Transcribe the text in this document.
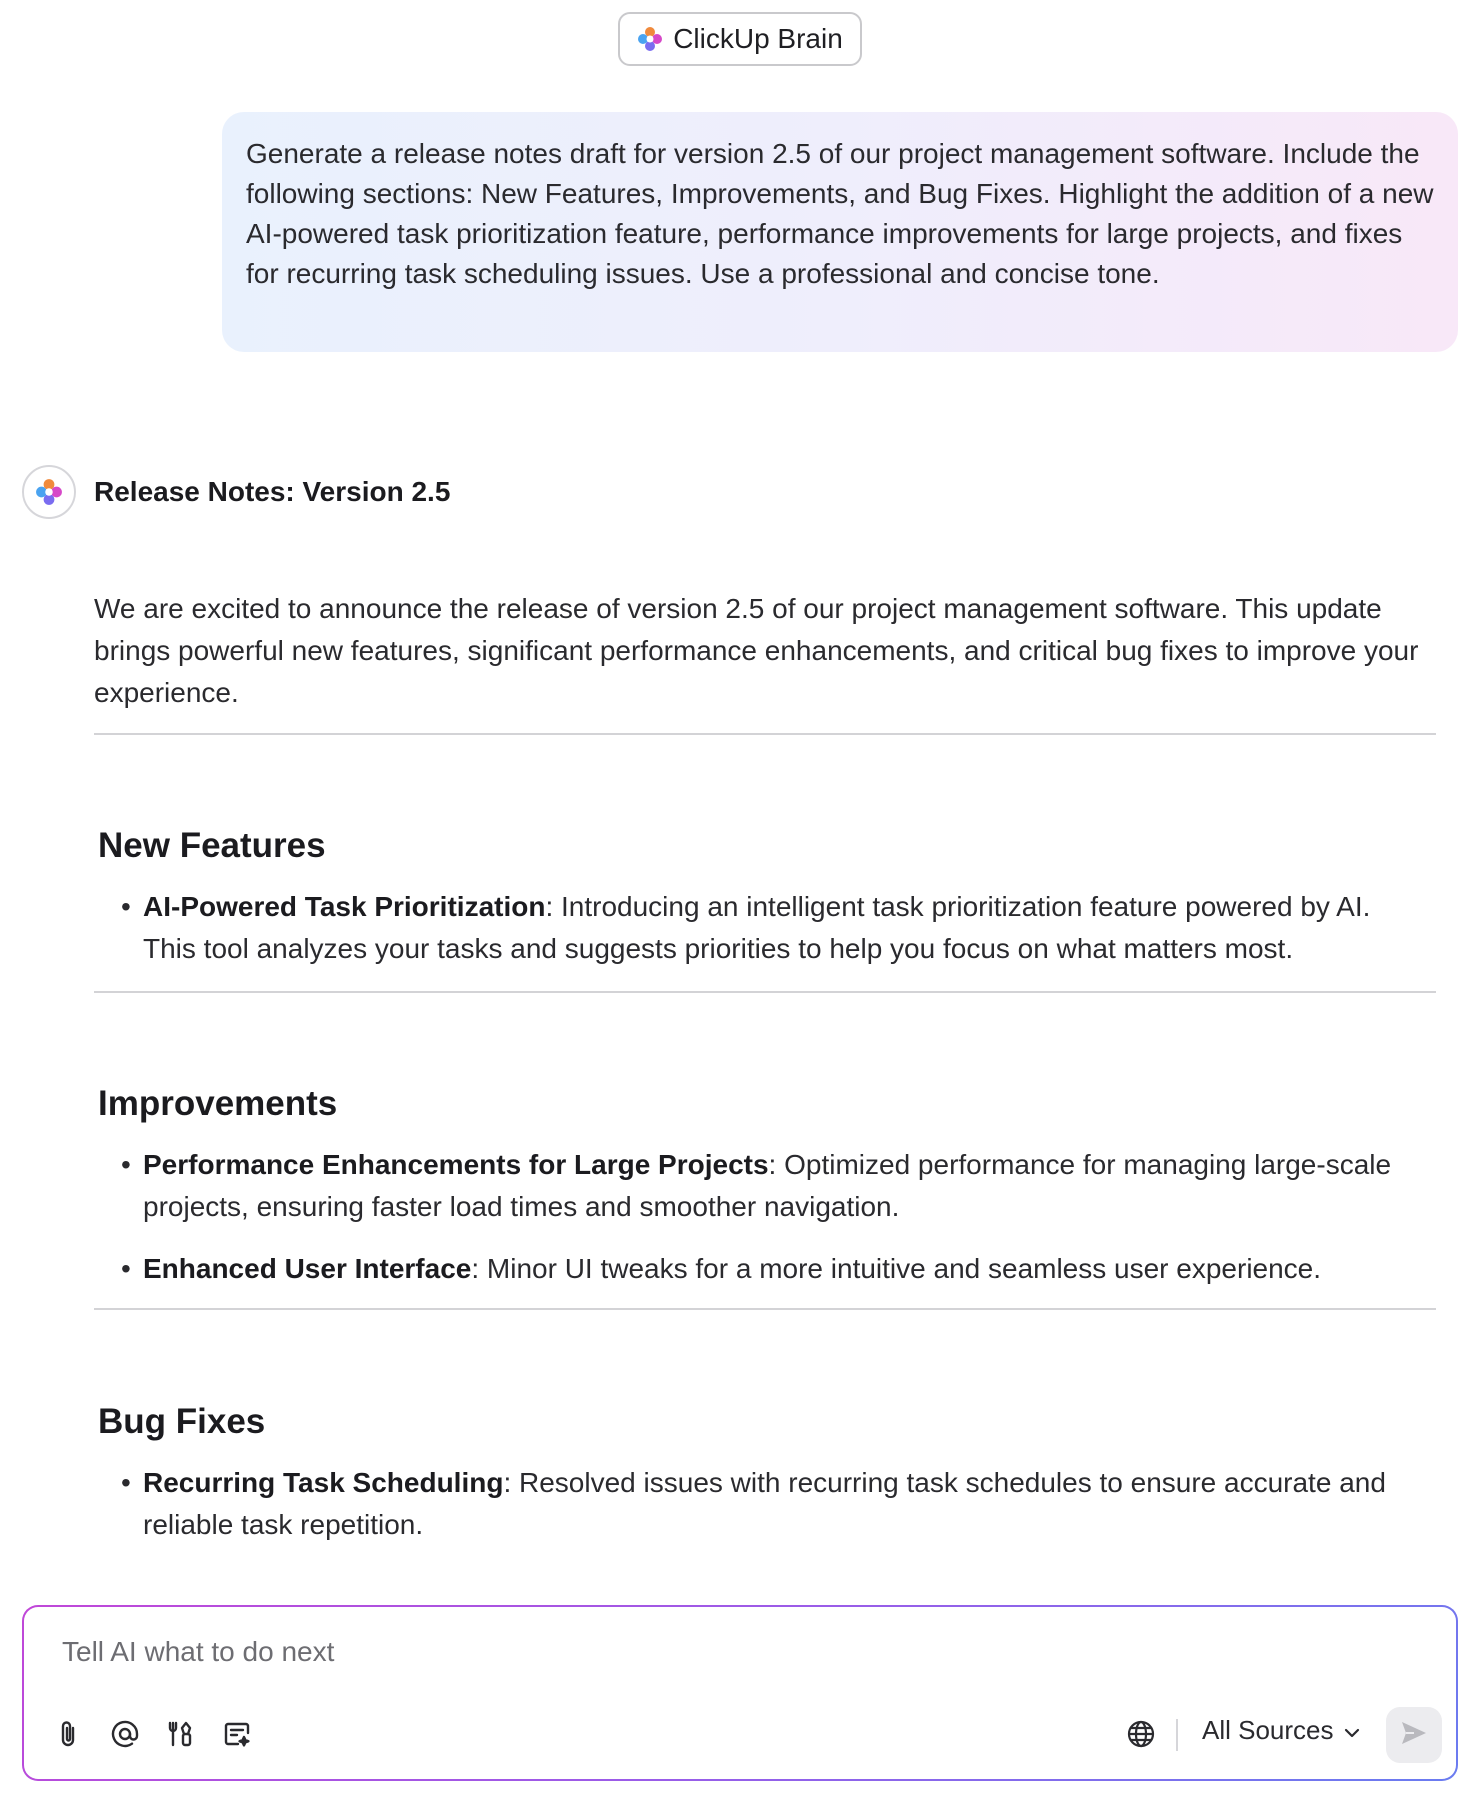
ClickUp Brain
Generate a release notes draft for version 2.5 of our project management software. Include the following sections: New Features, Improvements, and Bug Fixes. Highlight the addition of a new AI-powered task prioritization feature, performance improvements for large projects, and fixes for recurring task scheduling issues. Use a professional and concise tone.
Release Notes: Version 2.5
We are excited to announce the release of version 2.5 of our project management software. This update brings powerful new features, significant performance enhancements, and critical bug fixes to improve your experience.
New Features
• AI-Powered Task Prioritization: Introducing an intelligent task prioritization feature powered by AI. This tool analyzes your tasks and suggests priorities to help you focus on what matters most.
Improvements
• Performance Enhancements for Large Projects: Optimized performance for managing large-scale projects, ensuring faster load times and smoother navigation.
• Enhanced User Interface: Minor UI tweaks for a more intuitive and seamless user experience.
Bug Fixes
• Recurring Task Scheduling: Resolved issues with recurring task schedules to ensure accurate and reliable task repetition.
Tell AI what to do next
All Sources
